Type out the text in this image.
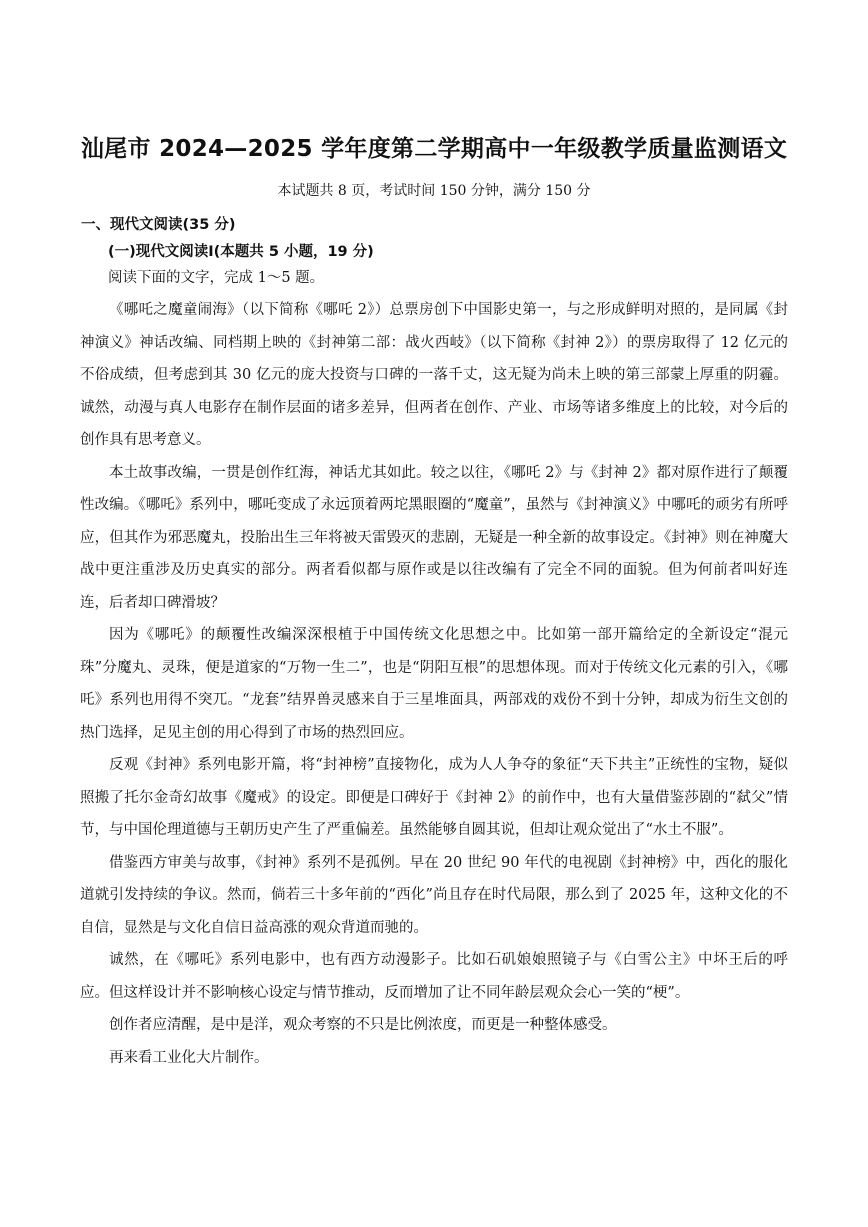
汕尾市 2024—2025 学年度第二学期高中一年级教学质量监测语文
本试题共 8 页，考试时间 150 分钟，满分 150 分
一、现代文阅读(35 分)
(一)现代文阅读Ⅰ(本题共 5 小题，19 分)
阅读下面的文字，完成 1～5 题。

《哪吒之魔童闹海》（以下简称《哪吒 2》）总票房创下中国影史第一，与之形成鲜明对照的，是同属《封神演义》神话改编、同档期上映的《封神第二部：战火西岐》（以下简称《封神 2》）的票房取得了 12 亿元的不俗成绩，但考虑到其 30 亿元的庞大投资与口碑的一落千丈，这无疑为尚未上映的第三部蒙上厚重的阴霾。诚然，动漫与真人电影存在制作层面的诸多差异，但两者在创作、产业、市场等诸多维度上的比较，对今后的创作具有思考意义。

本土故事改编，一贯是创作红海，神话尤其如此。较之以往，《哪吒 2》与《封神 2》都对原作进行了颠覆性改编。《哪吒》系列中，哪吒变成了永远顶着两坨黑眼圈的“魔童”，虽然与《封神演义》中哪吒的顽劣有所呼应，但其作为邪恶魔丸，投胎出生三年将被天雷毁灭的悲剧，无疑是一种全新的故事设定。《封神》则在神魔大战中更注重涉及历史真实的部分。两者看似都与原作或是以往改编有了完全不同的面貌。但为何前者叫好连连，后者却口碑滑坡？

因为《哪吒》的颠覆性改编深深根植于中国传统文化思想之中。比如第一部开篇给定的全新设定“混元珠”分魔丸、灵珠，便是道家的“万物一生二”，也是“阴阳互根”的思想体现。而对于传统文化元素的引入，《哪吒》系列也用得不突兀。“龙套”结界兽灵感来自于三星堆面具，两部戏的戏份不到十分钟，却成为衍生文创的热门选择，足见主创的用心得到了市场的热烈回应。

反观《封神》系列电影开篇，将“封神榜”直接物化，成为人人争夺的象征“天下共主”正统性的宝物，疑似照搬了托尔金奇幻故事《魔戒》的设定。即便是口碑好于《封神 2》的前作中，也有大量借鉴莎剧的“弑父”情节，与中国伦理道德与王朝历史产生了严重偏差。虽然能够自圆其说，但却让观众觉出了“水土不服”。

借鉴西方审美与故事，《封神》系列不是孤例。早在 20 世纪 90 年代的电视剧《封神榜》中，西化的服化道就引发持续的争议。然而，倘若三十多年前的“西化”尚且存在时代局限，那么到了 2025 年，这种文化的不自信，显然是与文化自信日益高涨的观众背道而驰的。

诚然，在《哪吒》系列电影中，也有西方动漫影子。比如石矶娘娘照镜子与《白雪公主》中坏王后的呼应。但这样设计并不影响核心设定与情节推动，反而增加了让不同年龄层观众会心一笑的“梗”。

创作者应清醒，是中是洋，观众考察的不只是比例浓度，而更是一种整体感受。

再来看工业化大片制作。
